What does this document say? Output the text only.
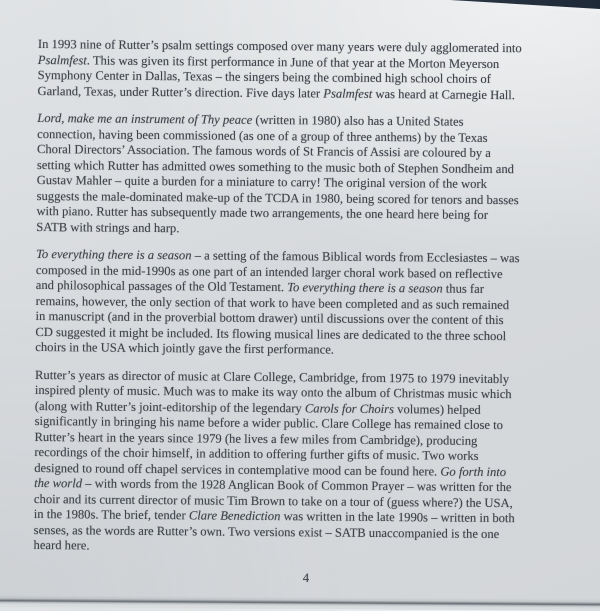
In 1993 nine of Rutter’s psalm settings composed over many years were duly agglomerated into
Psalmfest. This was given its first performance in June of that year at the Morton Meyerson
Symphony Center in Dallas, Texas – the singers being the combined high school choirs of
Garland, Texas, under Rutter’s direction. Five days later Psalmfest was heard at Carnegie Hall.
Lord, make me an instrument of Thy peace (written in 1980) also has a United States
connection, having been commissioned (as one of a group of three anthems) by the Texas
Choral Directors’ Association. The famous words of St Francis of Assisi are coloured by a
setting which Rutter has admitted owes something to the music both of Stephen Sondheim and
Gustav Mahler – quite a burden for a miniature to carry! The original version of the work
suggests the male-dominated make-up of the TCDA in 1980, being scored for tenors and basses
with piano. Rutter has subsequently made two arrangements, the one heard here being for
SATB with strings and harp.
To everything there is a season – a setting of the famous Biblical words from Ecclesiastes – was
composed in the mid-1990s as one part of an intended larger choral work based on reflective
and philosophical passages of the Old Testament. To everything there is a season thus far
remains, however, the only section of that work to have been completed and as such remained
in manuscript (and in the proverbial bottom drawer) until discussions over the content of this
CD suggested it might be included. Its flowing musical lines are dedicated to the three school
choirs in the USA which jointly gave the first performance.
Rutter’s years as director of music at Clare College, Cambridge, from 1975 to 1979 inevitably
inspired plenty of music. Much was to make its way onto the album of Christmas music which
(along with Rutter’s joint-editorship of the legendary Carols for Choirs volumes) helped
significantly in bringing his name before a wider public. Clare College has remained close to
Rutter’s heart in the years since 1979 (he lives a few miles from Cambridge), producing
recordings of the choir himself, in addition to offering further gifts of music. Two works
designed to round off chapel services in contemplative mood can be found here. Go forth into
the world – with words from the 1928 Anglican Book of Common Prayer – was written for the
choir and its current director of music Tim Brown to take on a tour of (guess where?) the USA,
in the 1980s. The brief, tender Clare Benediction was written in the late 1990s – written in both
senses, as the words are Rutter’s own. Two versions exist – SATB unaccompanied is the one
heard here.
4
